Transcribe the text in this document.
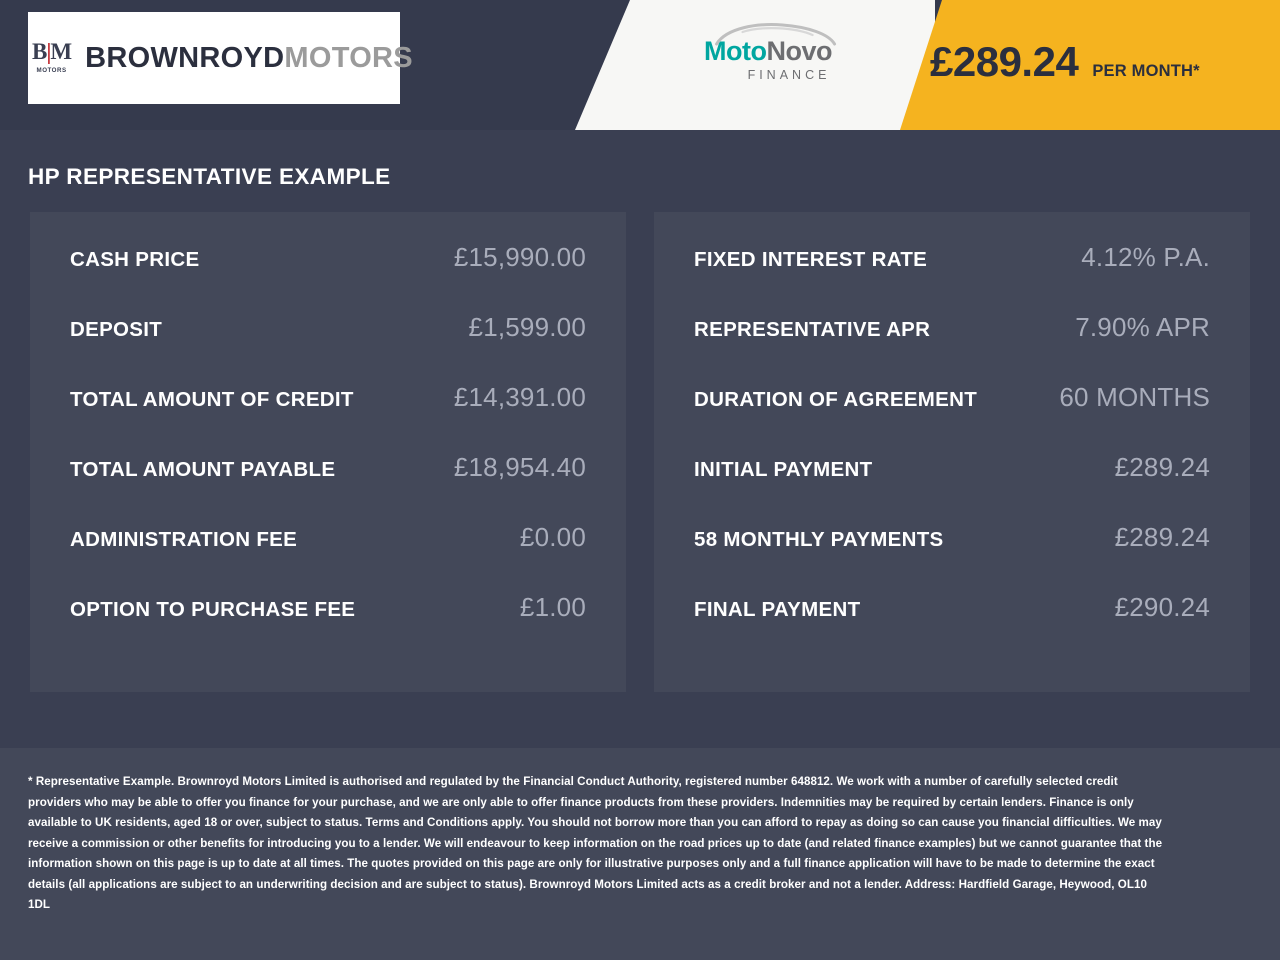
B|M
MOTORS BROWNROYDMOTORS	MotoNovo
FINANCE	£289.24 PER MONTH*
HP REPRESENTATIVE EXAMPLE
CASH PRICE	£15,990.00
DEPOSIT	£1,599.00
TOTAL AMOUNT OF CREDIT	£14,391.00
TOTAL AMOUNT PAYABLE	£18,954.40
ADMINISTRATION FEE	£0.00
OPTION TO PURCHASE FEE	£1.00
FIXED INTEREST RATE	4.12% P.A.
REPRESENTATIVE APR	7.90% APR
DURATION OF AGREEMENT	60 MONTHS
INITIAL PAYMENT	£289.24
58 MONTHLY PAYMENTS	£289.24
FINAL PAYMENT	£290.24

* Representative Example. Brownroyd Motors Limited is authorised and regulated by the Financial Conduct Authority, registered number 648812. We work with a number of carefully selected credit providers who may be able to offer you finance for your purchase, and we are only able to offer finance products from these providers. Indemnities may be required by certain lenders. Finance is only available to UK residents, aged 18 or over, subject to status. Terms and Conditions apply. You should not borrow more than you can afford to repay as doing so can cause you financial difficulties. We may receive a commission or other benefits for introducing you to a lender. We will endeavour to keep information on the road prices up to date (and related finance examples) but we cannot guarantee that the information shown on this page is up to date at all times. The quotes provided on this page are only for illustrative purposes only and a full finance application will have to be made to determine the exact details (all applications are subject to an underwriting decision and are subject to status). Brownroyd Motors Limited acts as a credit broker and not a lender. Address: Hardfield Garage, Heywood, OL10 1DL
